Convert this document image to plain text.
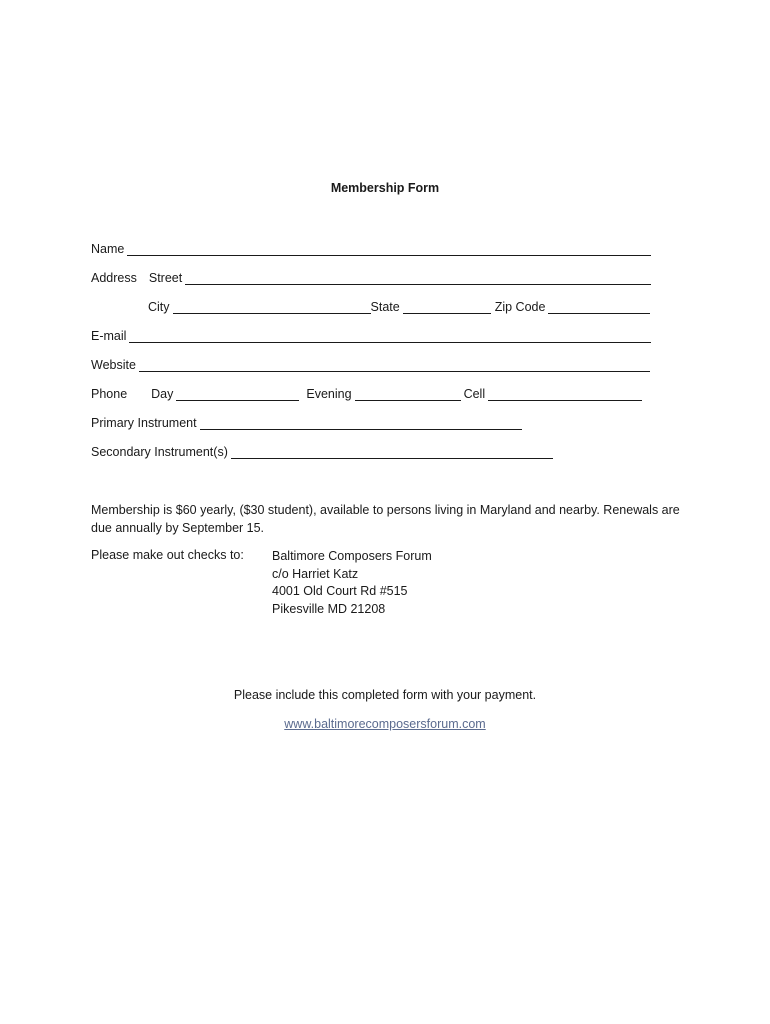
Membership Form
Name
Address Street
City	State	Zip Code
E-mail
Website
Phone Day	Evening	Cell
Primary Instrument
Secondary Instrument(s)
Membership is $60 yearly, ($30 student), available to persons living in Maryland and nearby. Renewals are due annually by September 15.
Please make out checks to: Baltimore Composers Forum
c/o Harriet Katz
4001 Old Court Rd #515
Pikesville MD 21208
Please include this completed form with your payment.
www.baltimorecomposersforum.com
